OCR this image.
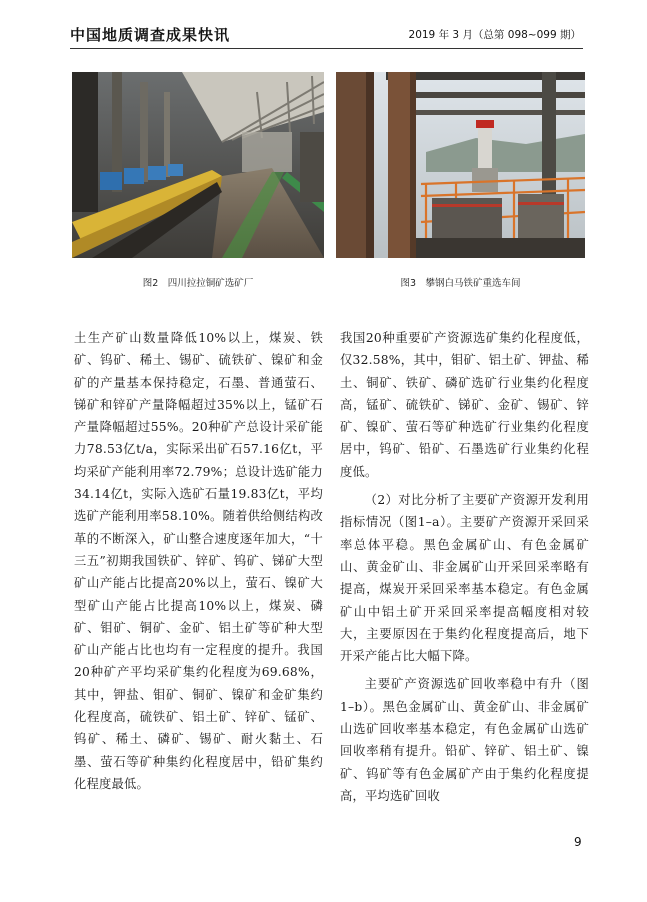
中国地质调查成果快讯	2019 年 3 月（总第 098~099 期）
图2　四川拉拉铜矿选矿厂	图3　攀钢白马铁矿重选车间

土生产矿山数量降低10%以上，煤炭、铁矿、钨矿、稀土、锡矿、硫铁矿、镍矿和金矿的产量基本保持稳定，石墨、普通萤石、锑矿和锌矿产量降幅超过35%以上，锰矿石产量降幅超过55%。20种矿产总设计采矿能力78.53亿t/a，实际采出矿石57.16亿t，平均采矿产能利用率72.79%；总设计选矿能力34.14亿t，实际入选矿石量19.83亿t，平均选矿产能利用率58.10%。随着供给侧结构改革的不断深入，矿山整合速度逐年加大，“十三五”初期我国铁矿、锌矿、钨矿、锑矿大型矿山产能占比提高20%以上，萤石、镍矿大型矿山产能占比提高10%以上，煤炭、磷矿、钼矿、铜矿、金矿、铝土矿等矿种大型矿山产能占比也均有一定程度的提升。我国20种矿产平均采矿集约化程度为69.68%，其中，钾盐、钼矿、铜矿、镍矿和金矿集约化程度高，硫铁矿、铝土矿、锌矿、锰矿、钨矿、稀土、磷矿、锡矿、耐火黏土、石墨、萤石等矿种集约化程度居中，铅矿集约化程度最低。

我国20种重要矿产资源选矿集约化程度低，仅32.58%，其中，钼矿、铝土矿、钾盐、稀土、铜矿、铁矿、磷矿选矿行业集约化程度高，锰矿、硫铁矿、锑矿、金矿、锡矿、锌矿、镍矿、萤石等矿种选矿行业集约化程度居中，钨矿、铅矿、石墨选矿行业集约化程度低。

（2）对比分析了主要矿产资源开发利用指标情况（图1–a）。主要矿产资源开采回采率总体平稳。黑色金属矿山、有色金属矿山、黄金矿山、非金属矿山开采回采率略有提高，煤炭开采回采率基本稳定。有色金属矿山中铝土矿开采回采率提高幅度相对较大，主要原因在于集约化程度提高后，地下开采产能占比大幅下降。

主要矿产资源选矿回收率稳中有升（图1–b）。黑色金属矿山、黄金矿山、非金属矿山选矿回收率基本稳定，有色金属矿山选矿回收率稍有提升。铅矿、锌矿、铝土矿、镍矿、钨矿等有色金属矿产由于集约化程度提高，平均选矿回收

9
